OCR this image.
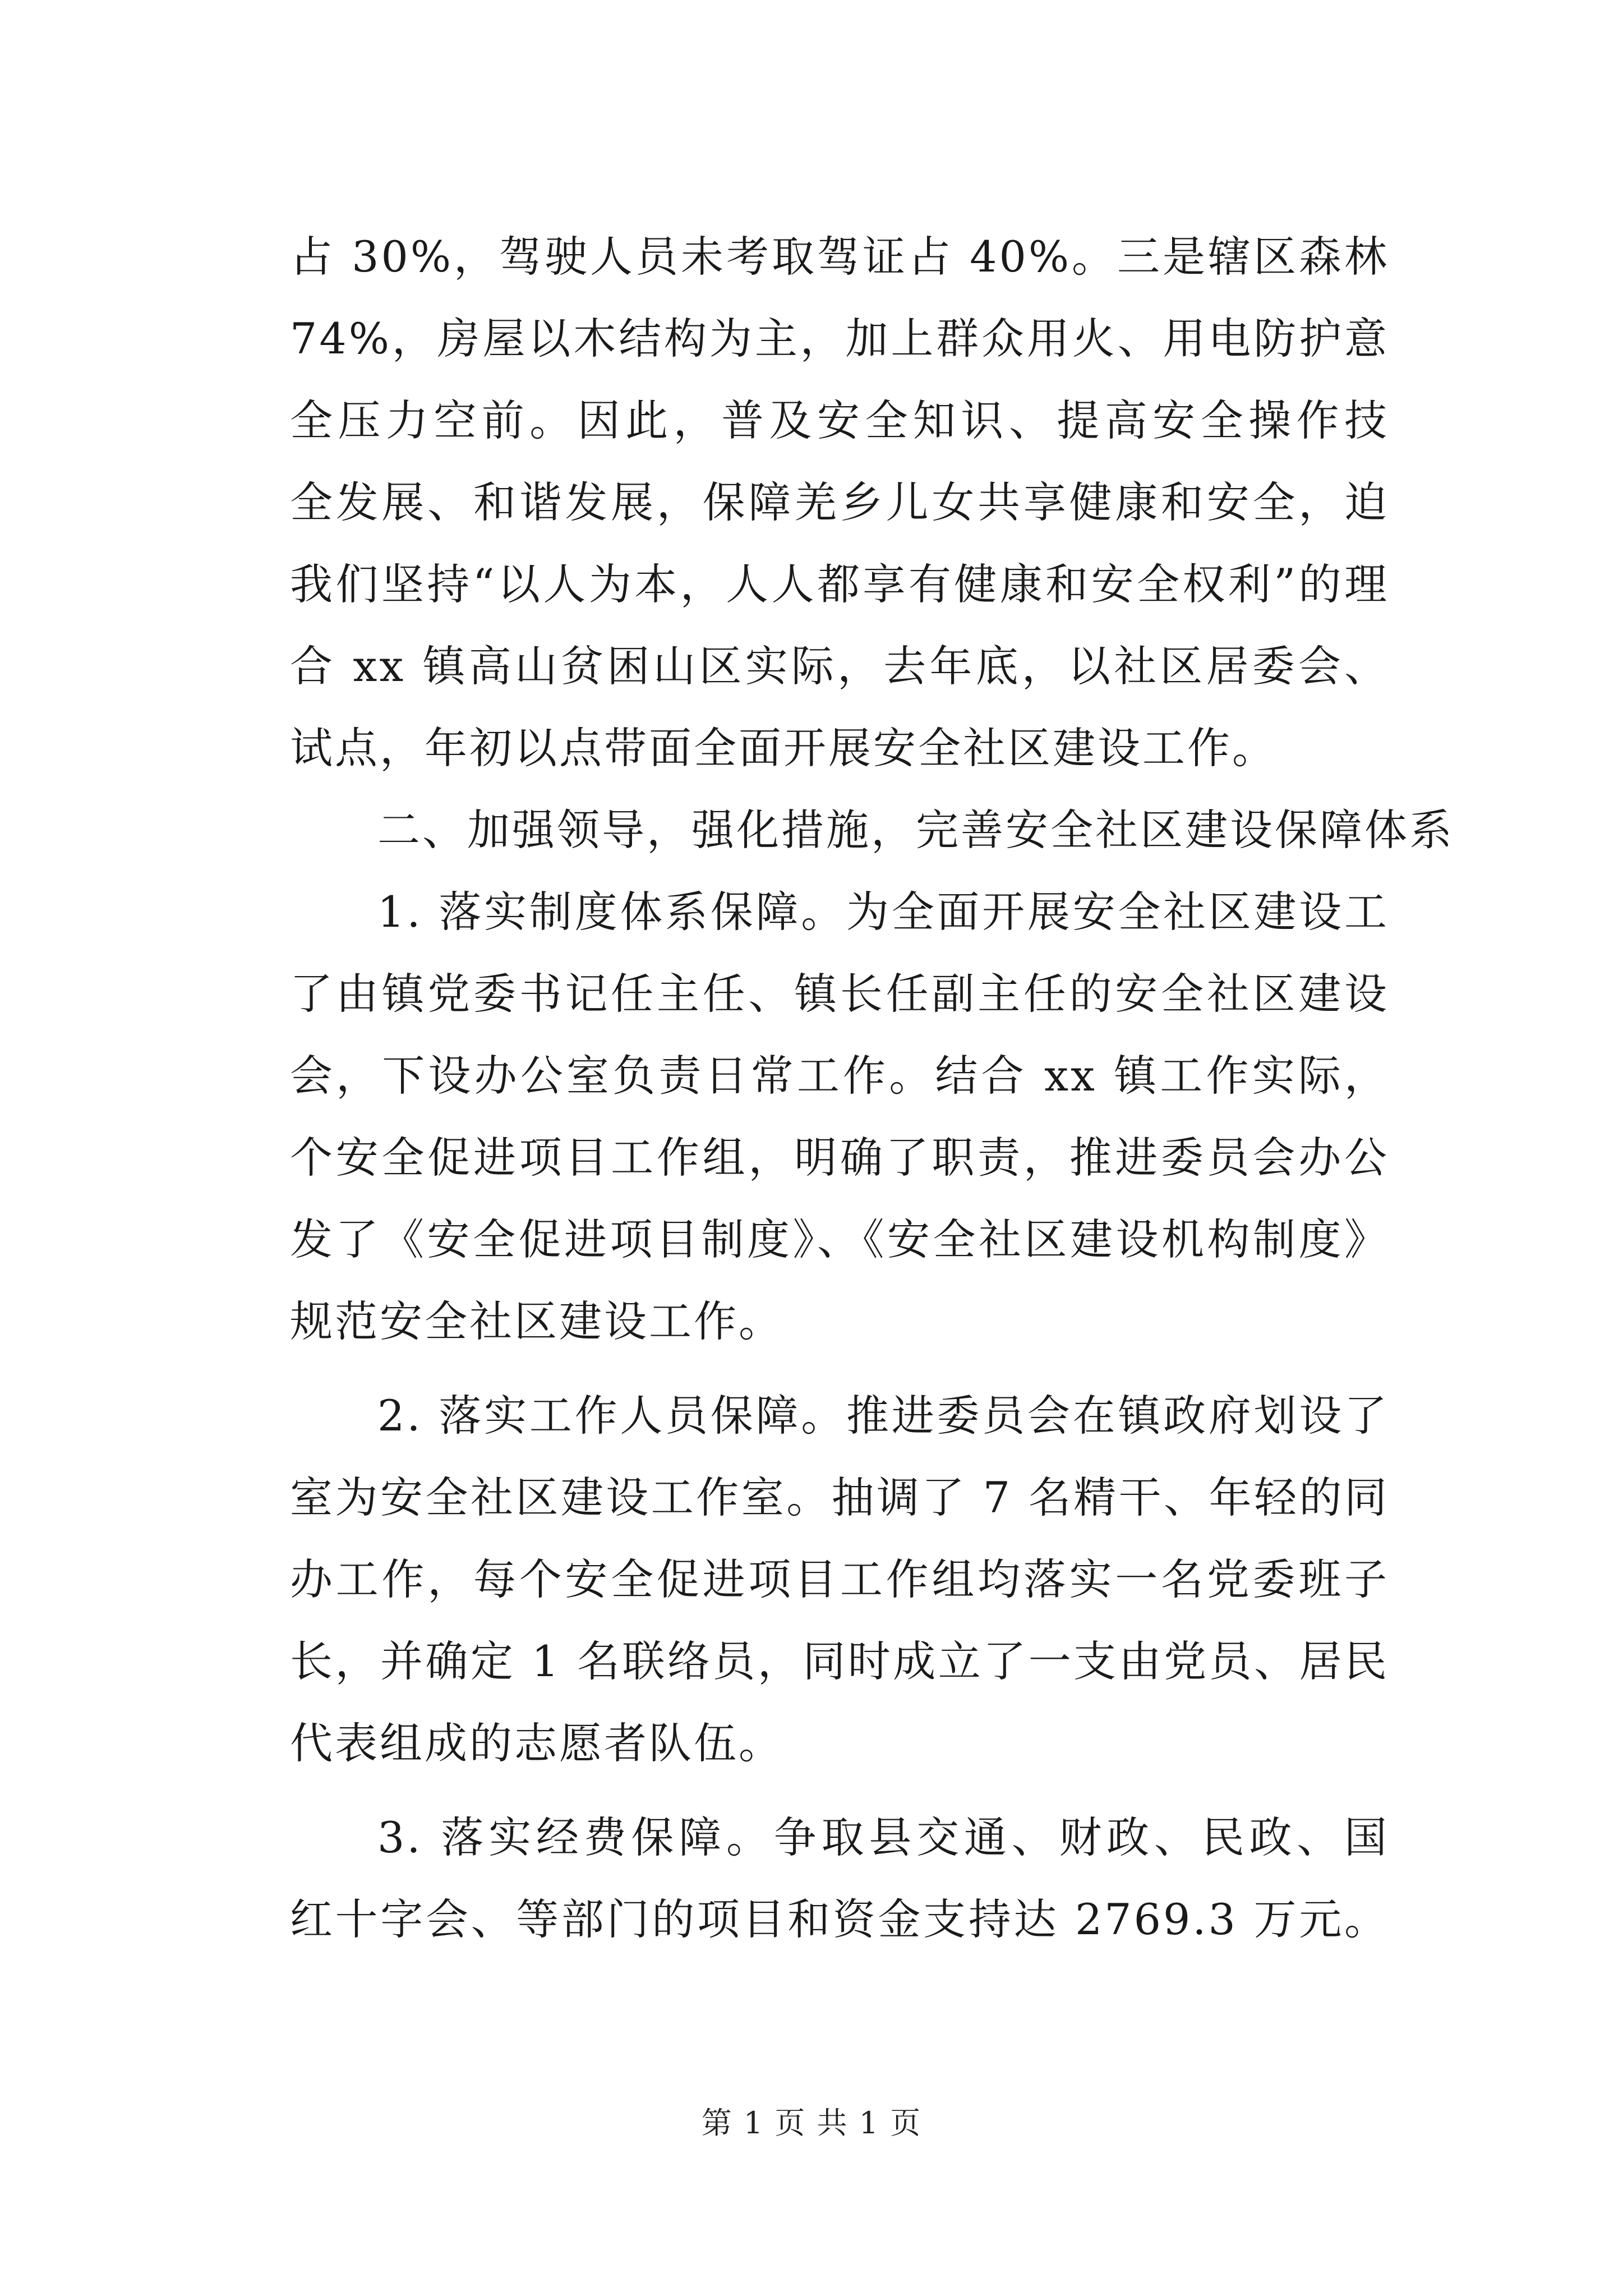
占 30%，驾驶人员未考取驾证占 40%。三是辖区森林
74%，房屋以木结构为主，加上群众用火、用电防护意
全压力空前。因此，普及安全知识、提高安全操作技
全发展、和谐发展，保障羌乡儿女共享健康和安全，迫
我们坚持“以人为本，人人都享有健康和安全权利”的理
合 xx 镇高山贫困山区实际，去年底，以社区居委会、
试点，年初以点带面全面开展安全社区建设工作。
二、加强领导，强化措施，完善安全社区建设保障体系
1. 落实制度体系保障。为全面开展安全社区建设工
了由镇党委书记任主任、镇长任副主任的安全社区建设
会，下设办公室负责日常工作。结合 xx 镇工作实际，
个安全促进项目工作组，明确了职责，推进委员会办公
发了《安全促进项目制度》、《安全社区建设机构制度》
规范安全社区建设工作。
2. 落实工作人员保障。推进委员会在镇政府划设了
室为安全社区建设工作室。抽调了 7 名精干、年轻的同
办工作，每个安全促进项目工作组均落实一名党委班子
长，并确定 1 名联络员，同时成立了一支由党员、居民
代表组成的志愿者队伍。
3. 落实经费保障。争取县交通、财政、民政、国
红十字会、等部门的项目和资金支持达 2769.3 万元。
第 1 页 共 1 页
